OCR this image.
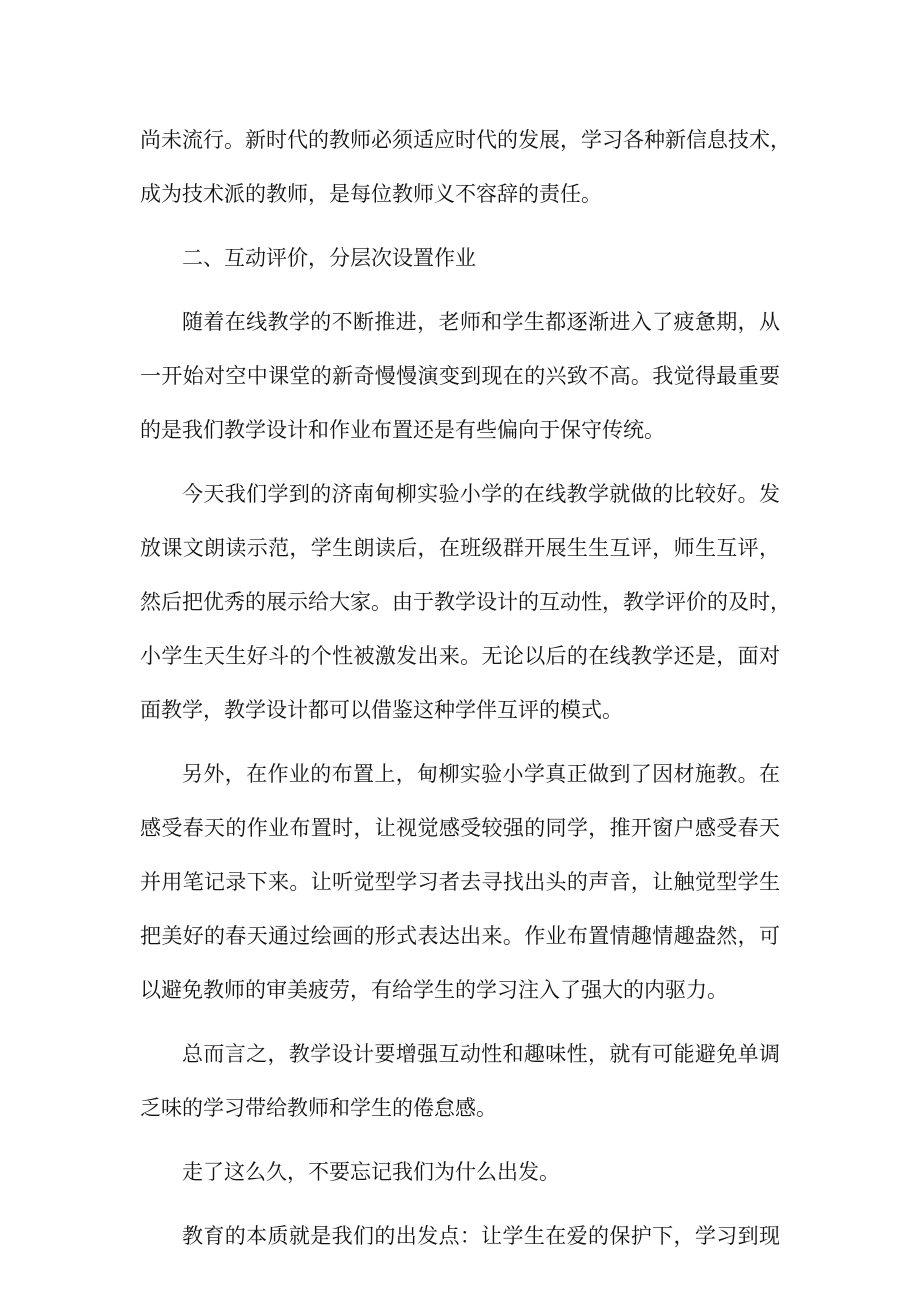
尚未流行。新时代的教师必须适应时代的发展，学习各种新信息技术，
成为技术派的教师，是每位教师义不容辞的责任。
二、互动评价，分层次设置作业
随着在线教学的不断推进，老师和学生都逐渐进入了疲惫期，从
一开始对空中课堂的新奇慢慢演变到现在的兴致不高。我觉得最重要
的是我们教学设计和作业布置还是有些偏向于保守传统。
今天我们学到的济南甸柳实验小学的在线教学就做的比较好。发
放课文朗读示范，学生朗读后，在班级群开展生生互评，师生互评，
然后把优秀的展示给大家。由于教学设计的互动性，教学评价的及时，
小学生天生好斗的个性被激发出来。无论以后的在线教学还是，面对
面教学，教学设计都可以借鉴这种学伴互评的模式。
另外，在作业的布置上，甸柳实验小学真正做到了因材施教。在
感受春天的作业布置时，让视觉感受较强的同学，推开窗户感受春天
并用笔记录下来。让听觉型学习者去寻找出头的声音，让触觉型学生
把美好的春天通过绘画的形式表达出来。作业布置情趣情趣盎然，可
以避免教师的审美疲劳，有给学生的学习注入了强大的内驱力。
总而言之，教学设计要增强互动性和趣味性，就有可能避免单调
乏味的学习带给教师和学生的倦怠感。
走了这么久，不要忘记我们为什么出发。
教育的本质就是我们的出发点：让学生在爱的保护下，学习到现
